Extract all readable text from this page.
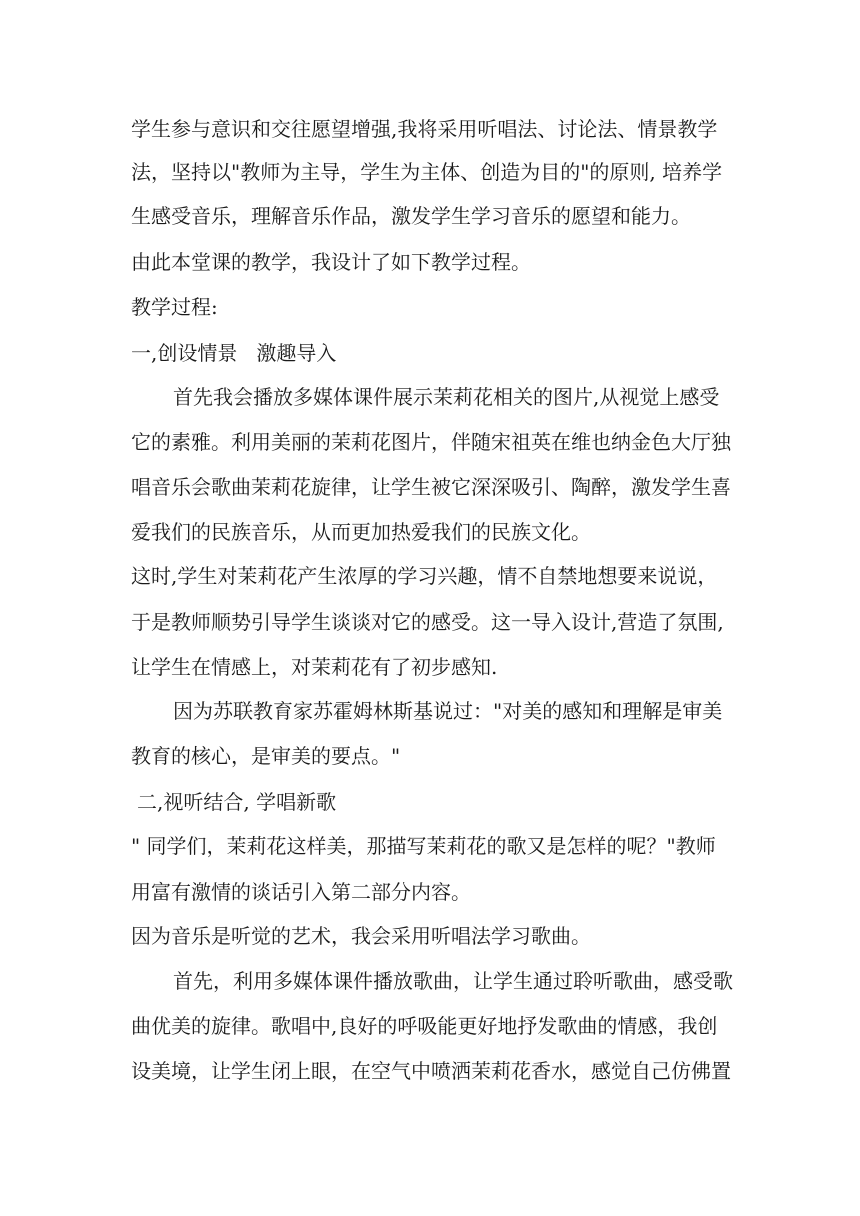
学生参与意识和交往愿望增强,我将采用听唱法、讨论法、情景教学
法，坚持以"教师为主导，学生为主体、创造为目的"的原则, 培养学
生感受音乐，理解音乐作品，激发学生学习音乐的愿望和能力。
由此本堂课的教学，我设计了如下教学过程。
教学过程:
一,创设情景   激趣导入
首先我会播放多媒体课件展示茉莉花相关的图片,从视觉上感受
它的素雅。利用美丽的茉莉花图片，伴随宋祖英在维也纳金色大厅独
唱音乐会歌曲茉莉花旋律，让学生被它深深吸引、陶醉，激发学生喜
爱我们的民族音乐，从而更加热爱我们的民族文化。
这时,学生对茉莉花产生浓厚的学习兴趣，情不自禁地想要来说说，
于是教师顺势引导学生谈谈对它的感受。这一导入设计,营造了氛围,
让学生在情感上，对茉莉花有了初步感知.
因为苏联教育家苏霍姆林斯基说过："对美的感知和理解是审美
教育的核心，是审美的要点。"
二,视听结合, 学唱新歌
" 同学们，茉莉花这样美，那描写茉莉花的歌又是怎样的呢？"教师
用富有激情的谈话引入第二部分内容。
因为音乐是听觉的艺术，我会采用听唱法学习歌曲。
首先，利用多媒体课件播放歌曲，让学生通过聆听歌曲，感受歌
曲优美的旋律。歌唱中,良好的呼吸能更好地抒发歌曲的情感，我创
设美境，让学生闭上眼，在空气中喷洒茉莉花香水，感觉自己仿佛置
